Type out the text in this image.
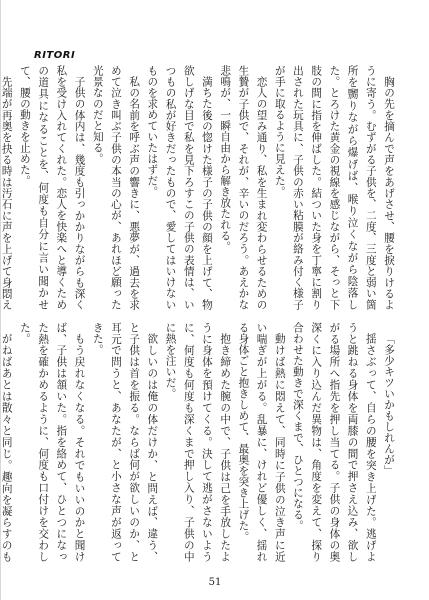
RITORI

胸の先を摘んで声をあげさせ、腰を捩りけるように寄う。むずがる子供を、二度、三度と弱い箇所を嬲りながら爆げば、喉り泣くながら陰落した。とろけた黄金の視線を感じながら、そっと下肢の間に指を伸ばした。結ついた身を丁寧に割り出された玩具に、子供の赤い粘膜が絡み付く様子が手に取るように見えた。

恋人の望み通り、私を生まれ変わらせるための生贄が子供で、それが、辛いのだろう。あえかな悲鳴が、一瞬自由から解き放たれる。

満ちた後の惚けた様子の子供の顔を上げて、物欲しげな目で私を見下ろすこの子供の表情は、いつもの私が好きだったもので、愛してはいけないものを求めていたはずだ。

私の名前を呼ぶ声の響きに、悪夢が、過去を求めて泣き叫ぶ子供の本当の心が、あれほど願った光景なのだと知る。

子供の体内は、幾度も引っかかりながらも深く私を受け入れてくれた。恋人を快楽へと導くための道具になることを、何度も自分に言い聞かせて、腰の動きを止めた。

先端が再奥を抉る時は汚石に声を上げて身悶え

「多少キツいかもしれんが」

揺さぶって、自らの腰を突き上げた。逃げようと跳ねる身体を両膝の間で押さえ込み、欲しがる場所へ指先を押し当てる。子供の身体の奥深くに入り込んだ異物は、角度を変えて、探り合わせた動きで深くまで、ひとつになる。

動けば熱に悶えて、同時に子供の泣き声に近い喘ぎが上がる。乱暴に、けれど優しく、揺れる身体ごと抱きしめて、最奥を突き上げた。

抱き締めた腕の中で、子供は己を手放したように身体を預けてくる。決して逃がさないように、何度も何度も深くまで押し入り、子供の中に熱を注いだ。

欲しいのは俺の体だけか、と問えば、違う、と子供は首を振る。ならば何が欲しいのか、と耳元で問うと、あなたが、と小さな声が返ってきた。

もう戻れなくなる。それでもいいのかと聞けば、子供は頷いた。指を絡めて、ひとつになった熱を確かめるように、何度も口付けを交わした。

がねばあとは散々と同じ。趣向を凝らすのも

51
